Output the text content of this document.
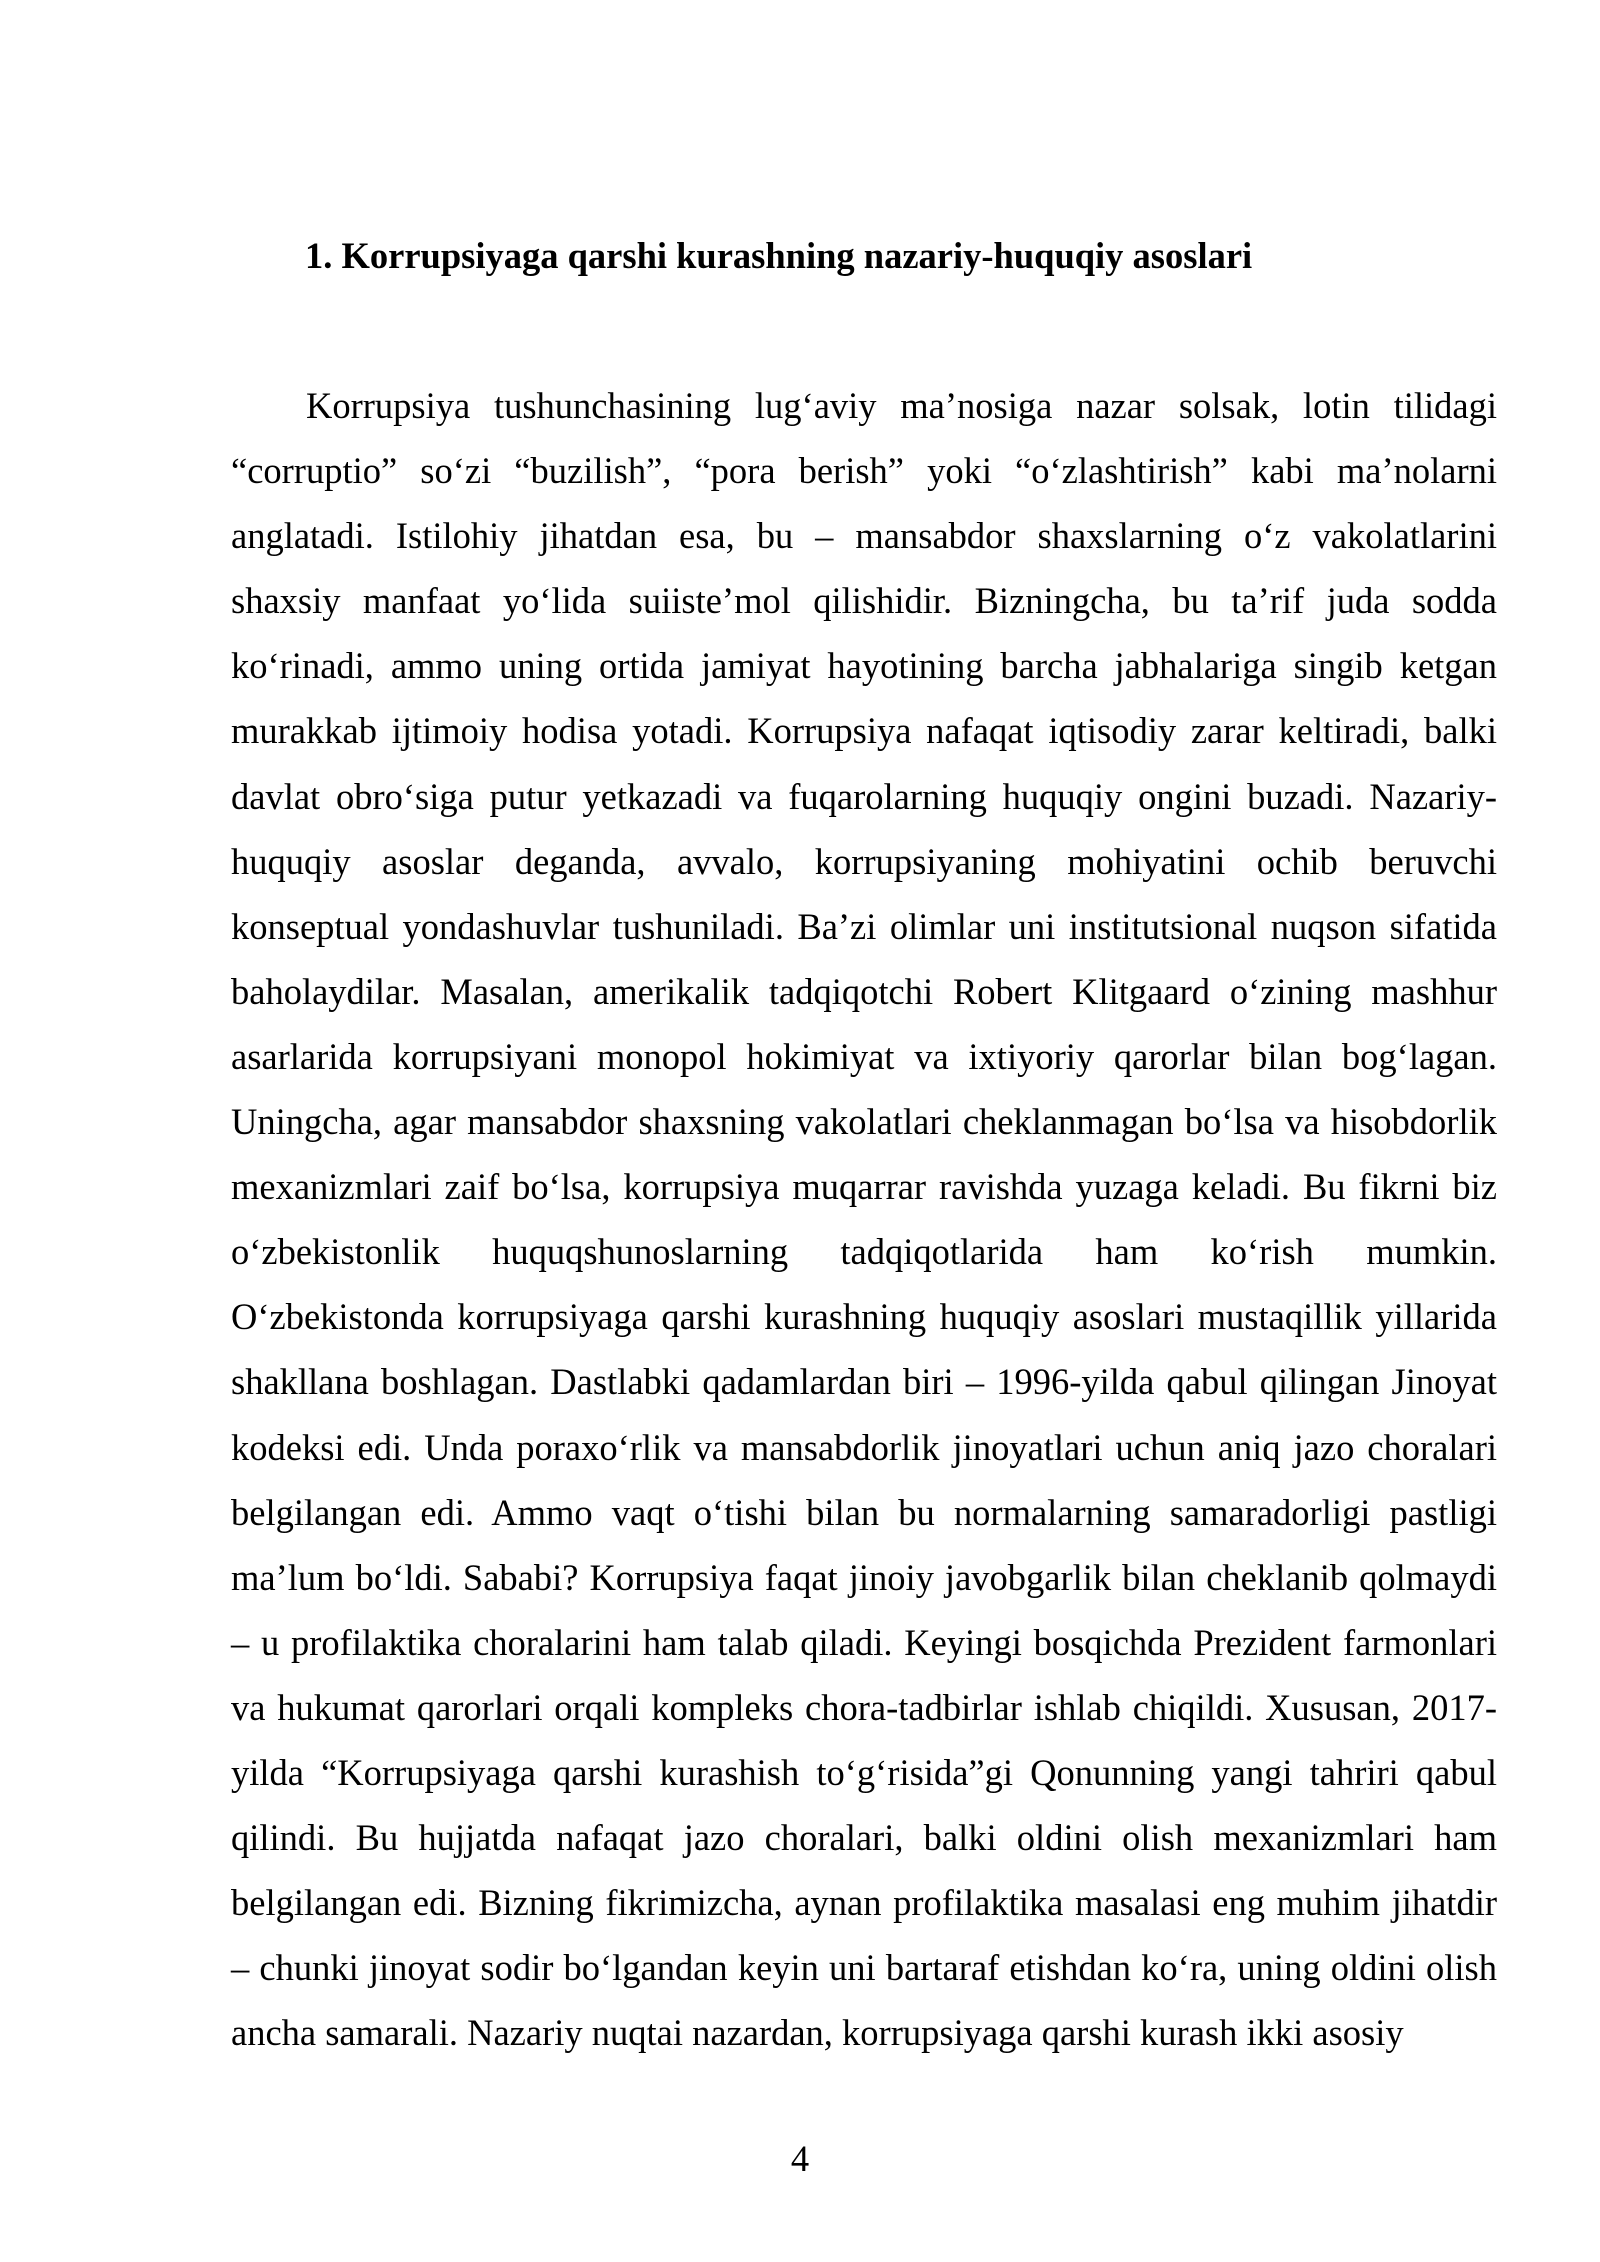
1. Korrupsiyaga qarshi kurashning nazariy-huquqiy asoslari

Korrupsiya tushunchasining lug‘aviy ma’nosiga nazar solsak, lotin tilidagi “corruptio” so‘zi “buzilish”, “pora berish” yoki “o‘zlashtirish” kabi ma’nolarni anglatadi. Istilohiy jihatdan esa, bu – mansabdor shaxslarning o‘z vakolatlarini shaxsiy manfaat yo‘lida suiiste’mol qilishidir. Bizningcha, bu ta’rif juda sodda ko‘rinadi, ammo uning ortida jamiyat hayotining barcha jabhalariga singib ketgan murakkab ijtimoiy hodisa yotadi. Korrupsiya nafaqat iqtisodiy zarar keltiradi, balki davlat obro‘siga putur yetkazadi va fuqarolarning huquqiy ongini buzadi. Nazariy-huquqiy asoslar deganda, avvalo, korrupsiyaning mohiyatini ochib beruvchi konseptual yondashuvlar tushuniladi. Ba’zi olimlar uni institutsional nuqson sifatida baholaydilar. Masalan, amerikalik tadqiqotchi Robert Klitgaard o‘zining mashhur asarlarida korrupsiyani monopol hokimiyat va ixtiyoriy qarorlar bilan bog‘lagan. Uningcha, agar mansabdor shaxsning vakolatlari cheklanmagan bo‘lsa va hisobdorlik mexanizmlari zaif bo‘lsa, korrupsiya muqarrar ravishda yuzaga keladi. Bu fikrni biz o‘zbekistonlik huquqshunoslarning tadqiqotlarida ham ko‘rish mumkin. O‘zbekistonda korrupsiyaga qarshi kurashning huquqiy asoslari mustaqillik yillarida shakllana boshlagan. Dastlabki qadamlardan biri – 1996-yilda qabul qilingan Jinoyat kodeksi edi. Unda poraxo‘rlik va mansabdorlik jinoyatlari uchun aniq jazo choralari belgilangan edi. Ammo vaqt o‘tishi bilan bu normalarning samaradorligi pastligi ma’lum bo‘ldi. Sababi? Korrupsiya faqat jinoiy javobgarlik bilan cheklanib qolmaydi – u profilaktika choralarini ham talab qiladi. Keyingi bosqichda Prezident farmonlari va hukumat qarorlari orqali kompleks chora-tadbirlar ishlab chiqildi. Xususan, 2017-yilda “Korrupsiyaga qarshi kurashish to‘g‘risida”gi Qonunning yangi tahriri qabul qilindi. Bu hujjatda nafaqat jazo choralari, balki oldini olish mexanizmlari ham belgilangan edi. Bizning fikrimizcha, aynan profilaktika masalasi eng muhim jihatdir – chunki jinoyat sodir bo‘lgandan keyin uni bartaraf etishdan ko‘ra, uning oldini olish ancha samarali. Nazariy nuqtai nazardan, korrupsiyaga qarshi kurash ikki asosiy

4
